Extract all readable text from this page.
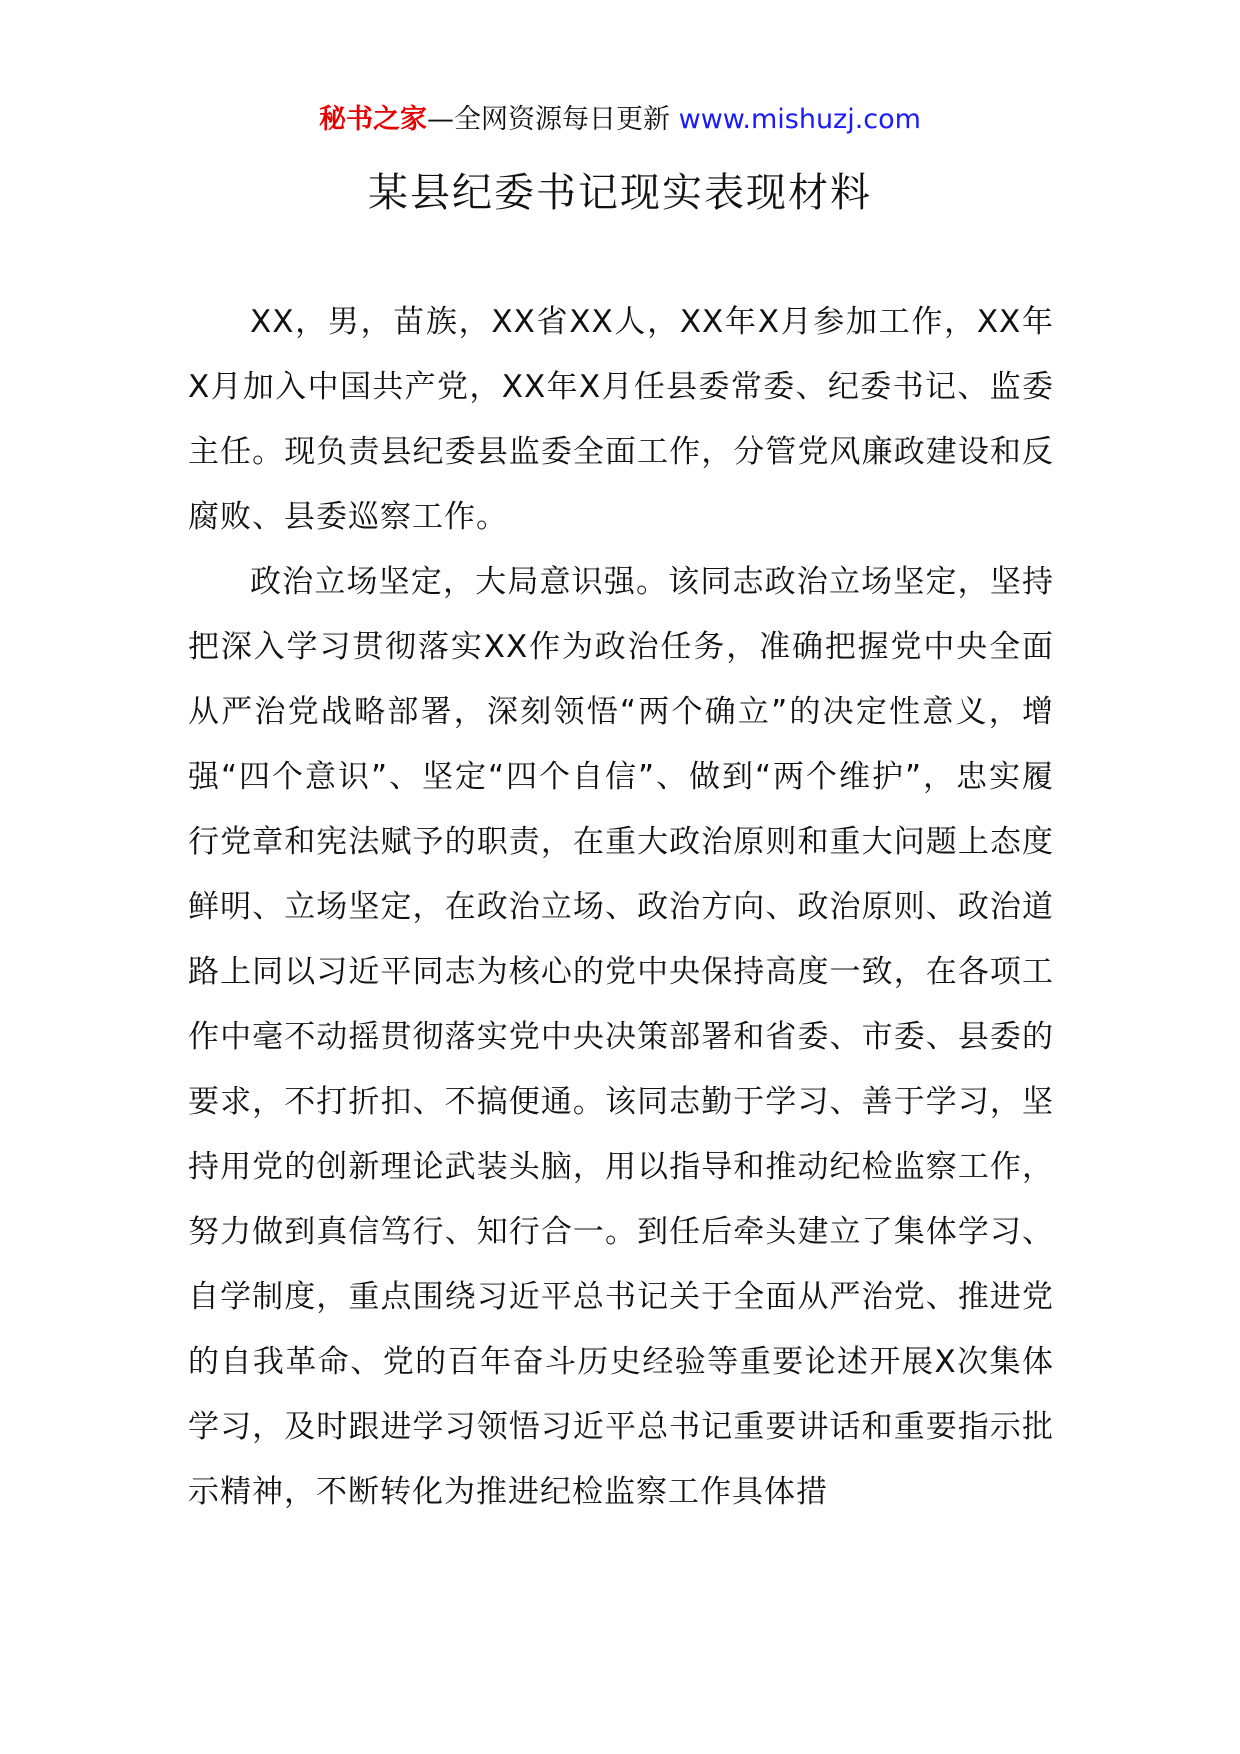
秘书之家—全网资源每日更新 www.mishuzj.com
某县纪委书记现实表现材料

XX，男，苗族，XX省XX人，XX年X月参加工作，XX年X月加入中国共产党，XX年X月任县委常委、纪委书记、监委主任。现负责县纪委县监委全面工作，分管党风廉政建设和反腐败、县委巡察工作。

政治立场坚定，大局意识强。该同志政治立场坚定，坚持把深入学习贯彻落实XX作为政治任务，准确把握党中央全面从严治党战略部署，深刻领悟“两个确立”的决定性意义，增强“四个意识”、坚定“四个自信”、做到“两个维护”，忠实履行党章和宪法赋予的职责，在重大政治原则和重大问题上态度鲜明、立场坚定，在政治立场、政治方向、政治原则、政治道路上同以习近平同志为核心的党中央保持高度一致，在各项工作中毫不动摇贯彻落实党中央决策部署和省委、市委、县委的要求，不打折扣、不搞便通。该同志勤于学习、善于学习，坚持用党的创新理论武装头脑，用以指导和推动纪检监察工作，努力做到真信笃行、知行合一。到任后牵头建立了集体学习、自学制度，重点围绕习近平总书记关于全面从严治党、推进党的自我革命、党的百年奋斗历史经验等重要论述开展X次集体学习，及时跟进学习领悟习近平总书记重要讲话和重要指示批示精神，不断转化为推进纪检监察工作具体措
